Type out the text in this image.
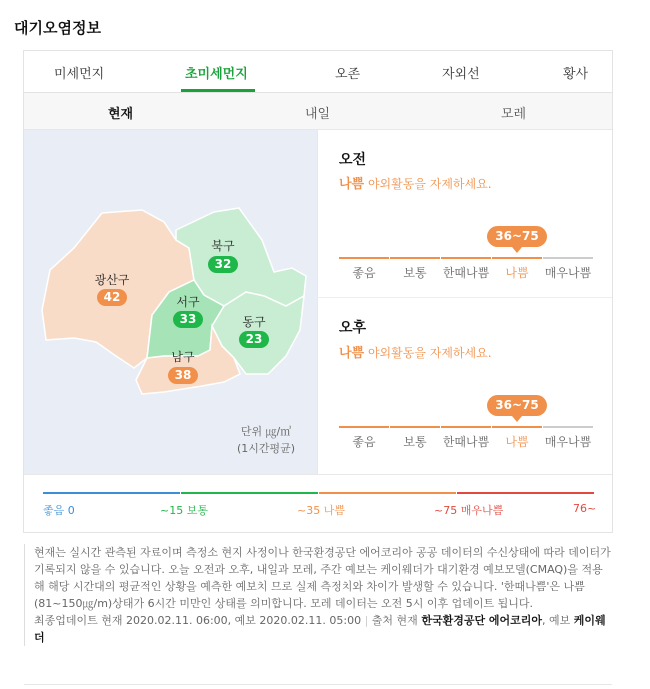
대기오염정보
미세먼지	초미세먼지	오존	자외선	황사
현재	내일	모레
광산구
42
북구
32
서구
33	동구
23
남구
38
단위 ㎍/㎥
(1시간평균)
오전
나쁨 야외활동을 자제하세요.
36~75
좋음	보통	한때나쁨	나쁨	매우나쁨
오후
나쁨 야외활동을 자제하세요.
36~75
좋음	보통	한때나쁨	나쁨	매우나쁨
좋음 0	~15 보통	~35 나쁨	~75 매우나쁨	76~
현재는 실시간 관측된 자료이며 측정소 현지 사정이나 한국환경공단 에어코리아 공공 데이터의 수신상태에 따라 데이터가 기록되지 않을 수 있습니다. 오늘 오전과 오후, 내일과 모레, 주간 예보는 케이웨더가 대기환경 예보모델(CMAQ)을 적용해 해당 시간대의 평균적인 상황을 예측한 예보치 므로 실제 측정치와 차이가 발생할 수 있습니다. '한때나쁨'은 나쁨(81~150㎍/m)상태가 6시간 미만인 상태를 의미합니다. 모레 데이터는 오전 5시 이후 업데이트 됩니다.
최종업데이트 현재 2020.02.11. 06:00, 예보 2020.02.11. 05:00 | 출처 현재 한국환경공단 에어코리아, 예보 케이웨더
